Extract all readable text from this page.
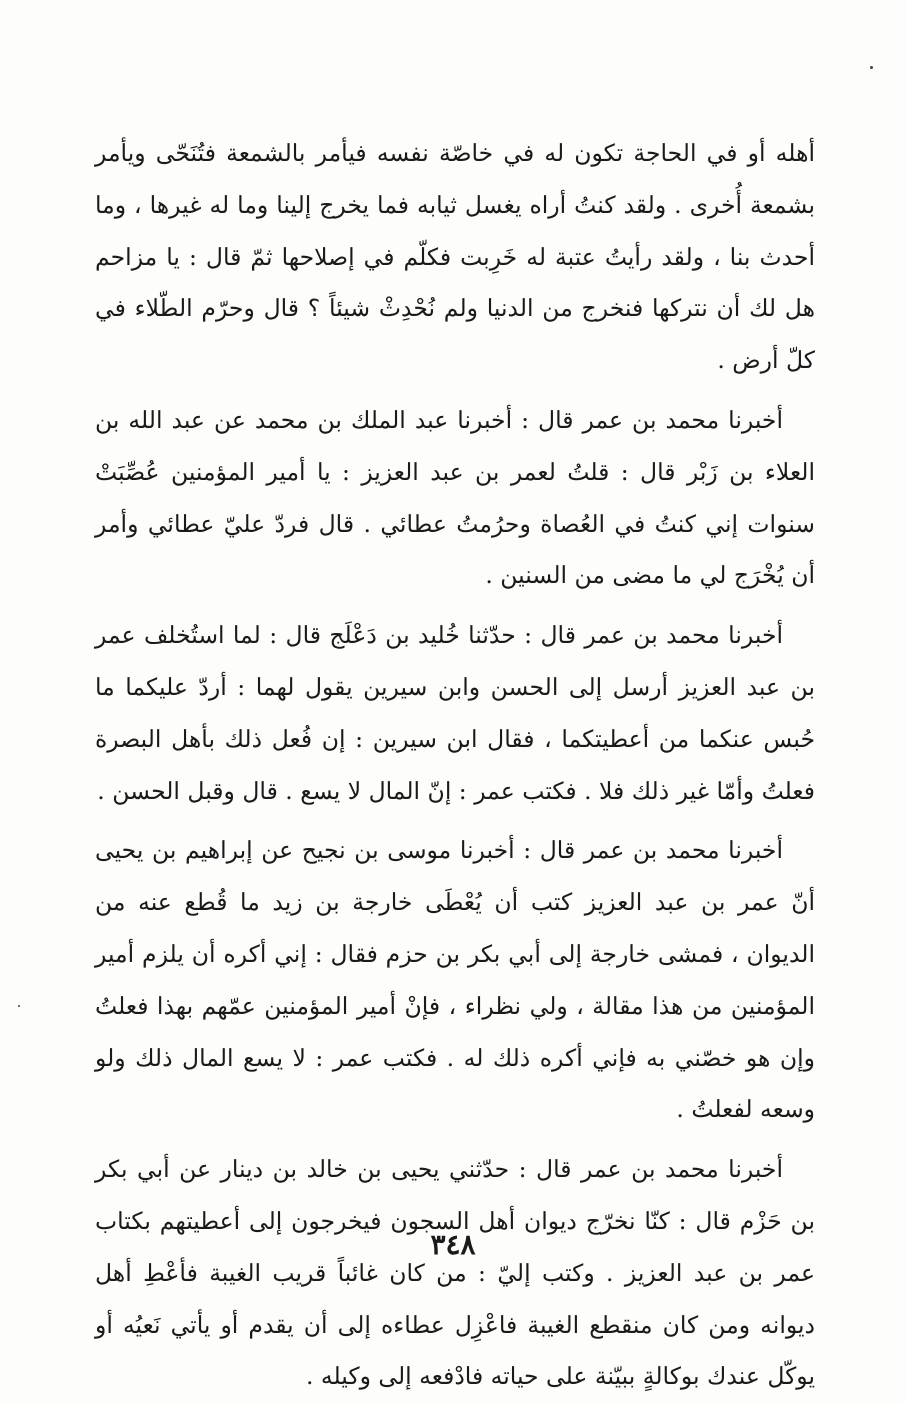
أهله أو في الحاجة تكون له في خاصّة نفسه فيأمر بالشمعة فتُنَحّى ويأمر بشمعة أُخرى . ولقد كنتُ أراه يغسل ثيابه فما يخرج إلينا وما له غيرها ، وما أحدث بنا ، ولقد رأيتُ عتبة له خَرِبت فكلّم في إصلاحها ثمّ قال : يا مزاحم هل لك أن نتركها فنخرج من الدنيا ولم نُحْدِثْ شيئاً ؟ قال وحرّم الطّلاء في كلّ أرض .

أخبرنا محمد بن عمر قال : أخبرنا عبد الملك بن محمد عن عبد الله بن العلاء بن زَبْر قال : قلتُ لعمر بن عبد العزيز : يا أمير المؤمنين عُصِّبَتْ سنوات إني كنتُ في العُصاة وحرُمتُ عطائي . قال فردّ عليّ عطائي وأمر أن يُخْرَج لي ما مضى من السنين .

أخبرنا محمد بن عمر قال : حدّثنا خُليد بن دَعْلَج قال : لما استُخلف عمر بن عبد العزيز أرسل إلى الحسن وابن سيرين يقول لهما : أردّ عليكما ما حُبس عنكما من أعطيتكما ، فقال ابن سيرين : إن فُعل ذلك بأهل البصرة فعلتُ وأمّا غير ذلك فلا . فكتب عمر : إنّ المال لا يسع . قال وقبل الحسن .

أخبرنا محمد بن عمر قال : أخبرنا موسى بن نجيح عن إبراهيم بن يحيى أنّ عمر بن عبد العزيز كتب أن يُعْطَى خارجة بن زيد ما قُطع عنه من الديوان ، فمشى خارجة إلى أبي بكر بن حزم فقال : إني أكره أن يلزم أمير المؤمنين من هذا مقالة ، ولي نظراء ، فإنْ أمير المؤمنين عمّهم بهذا فعلتُ وإن هو خصّني به فإني أكره ذلك له . فكتب عمر : لا يسع المال ذلك ولو وسعه لفعلتُ .

أخبرنا محمد بن عمر قال : حدّثني يحيى بن خالد بن دينار عن أبي بكر بن حَزْم قال : كنّا نخرّج ديوان أهل السجون فيخرجون إلى أعطيتهم بكتاب عمر بن عبد العزيز . وكتب إليّ : من كان غائباً قريب الغيبة فأعْطِ أهل ديوانه ومن كان منقطع الغيبة فاعْزِل عطاءه إلى أن يقدم أو يأتي نَعيُه أو يوكّل عندك بوكالةٍ ببيّنة على حياته فادْفعه إلى وكيله .

٣٤٨
